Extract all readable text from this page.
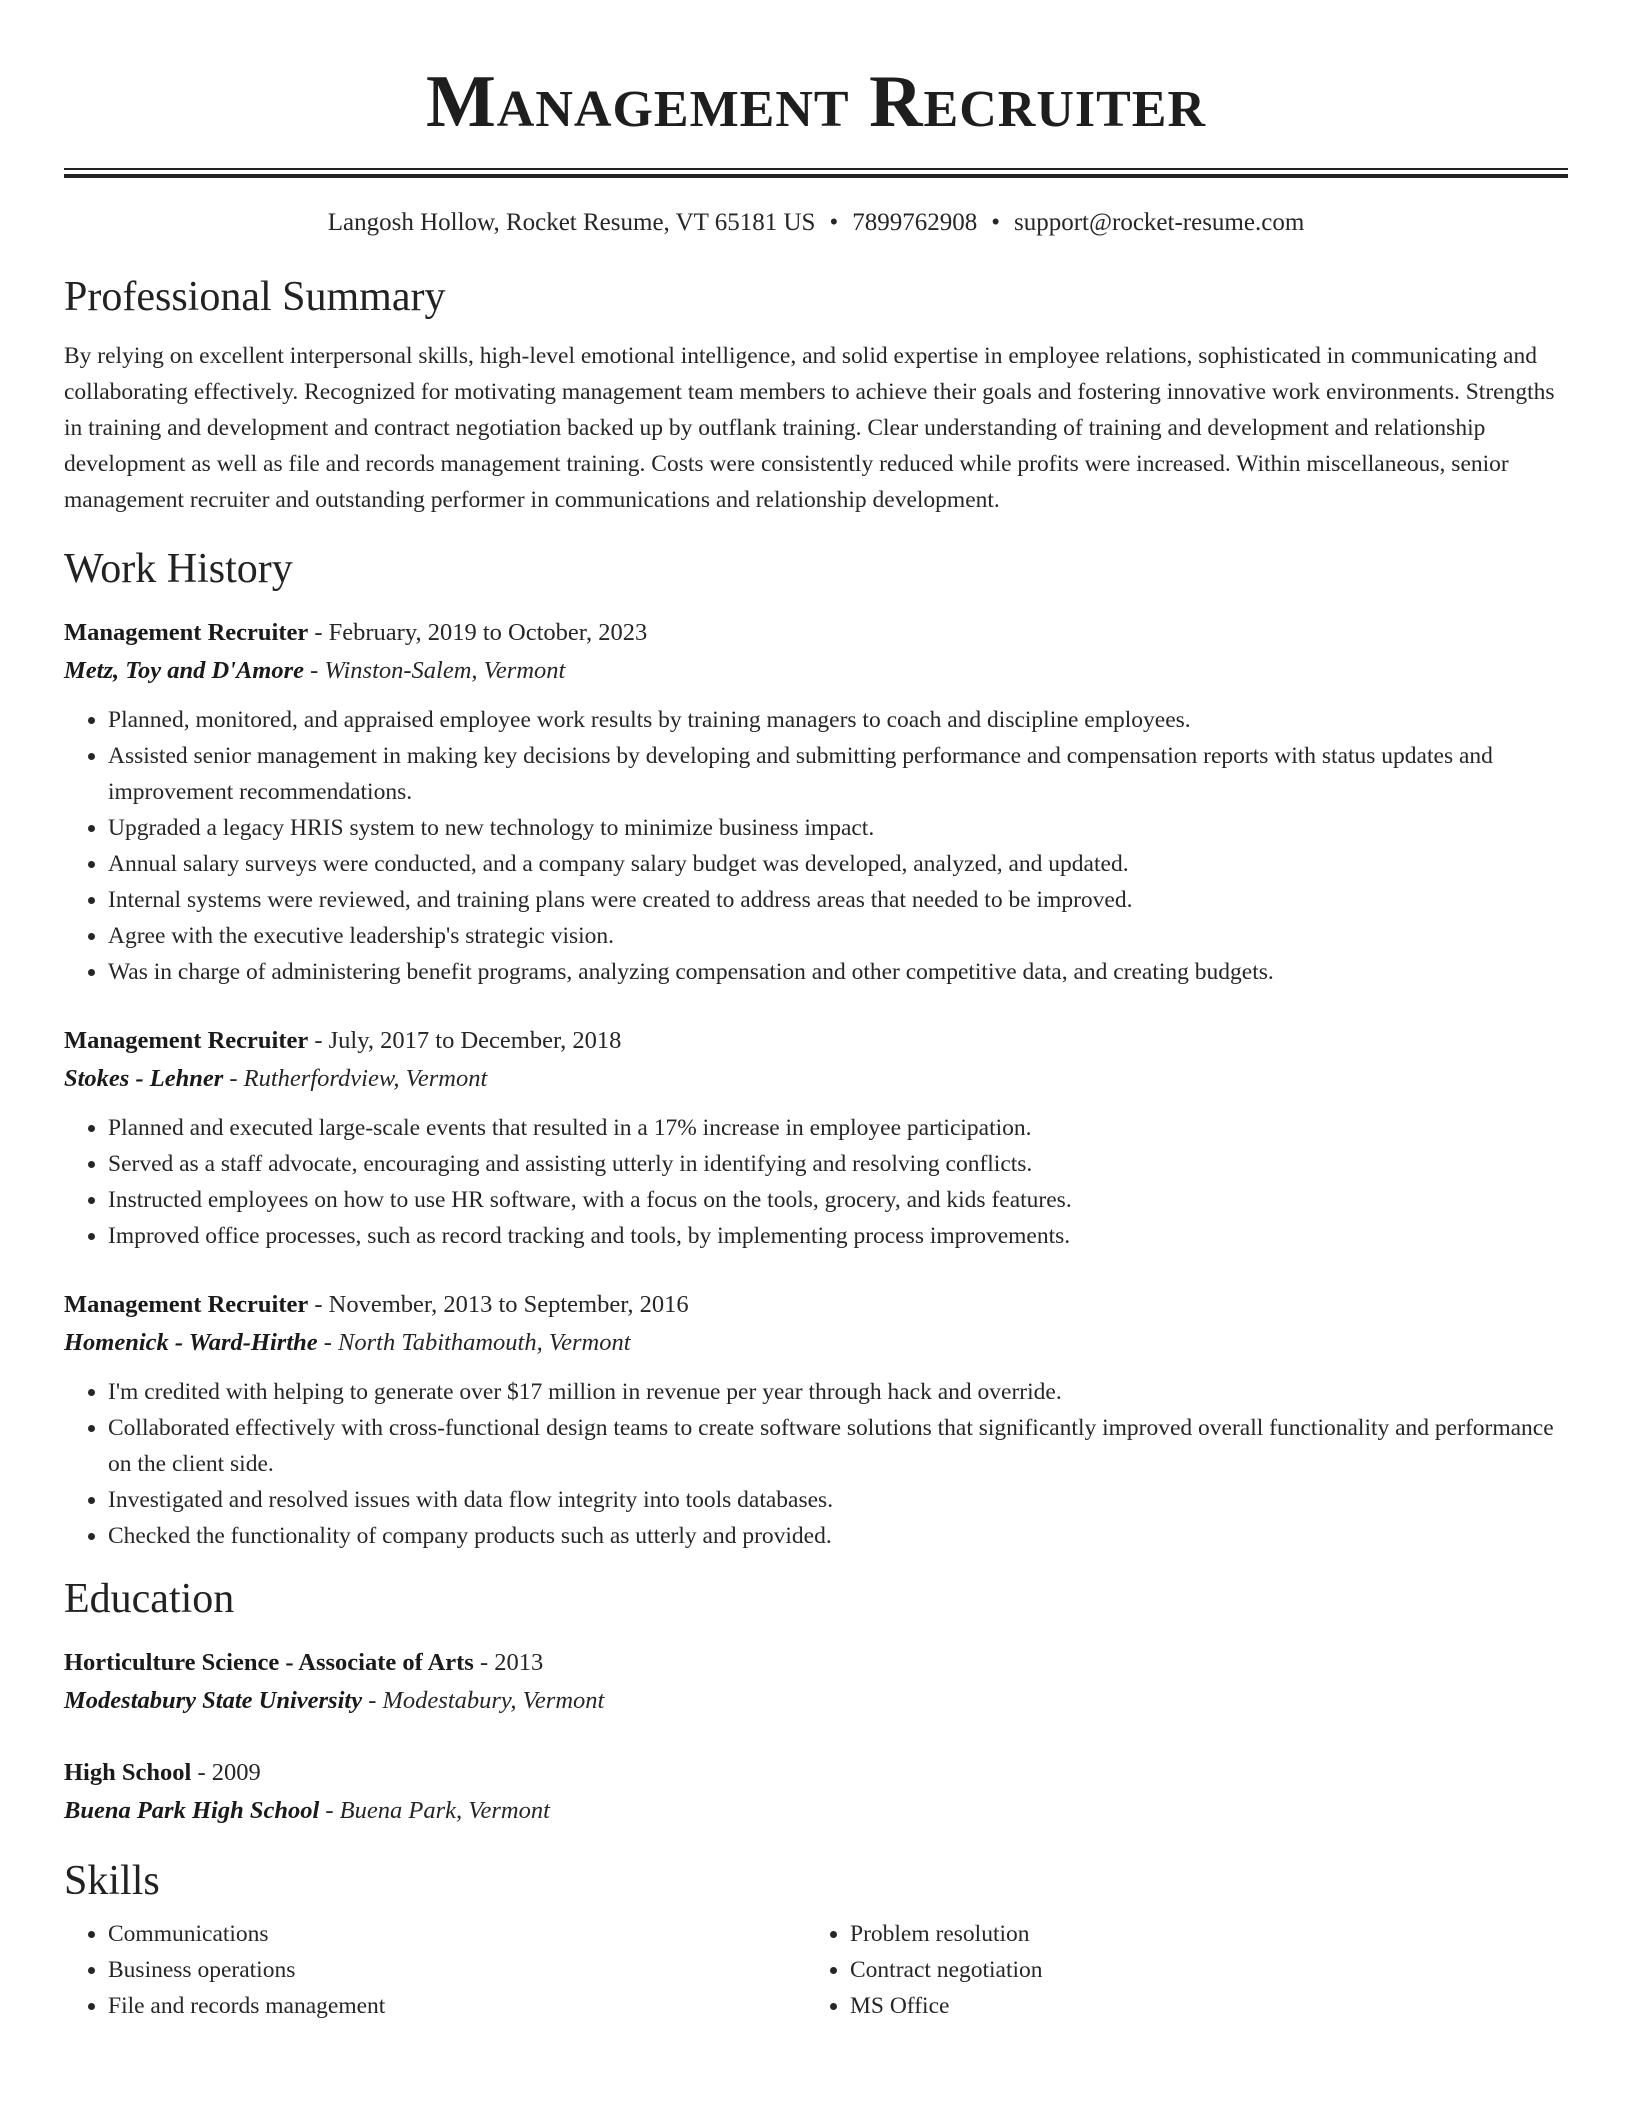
Management Recruiter
Langosh Hollow, Rocket Resume, VT 65181 US • 7899762908 • support@rocket-resume.com
Professional Summary

By relying on excellent interpersonal skills, high-level emotional intelligence, and solid expertise in employee relations, sophisticated in communicating and collaborating effectively. Recognized for motivating management team members to achieve their goals and fostering innovative work environments. Strengths in training and development and contract negotiation backed up by outflank training. Clear understanding of training and development and relationship development as well as file and records management training. Costs were consistently reduced while profits were increased. Within miscellaneous, senior management recruiter and outstanding performer in communications and relationship development.

Work History
Management Recruiter - February, 2019 to October, 2023
Metz, Toy and D'Amore - Winston-Salem, Vermont
• Planned, monitored, and appraised employee work results by training managers to coach and discipline employees.
• Assisted senior management in making key decisions by developing and submitting performance and compensation reports with status updates and improvement recommendations.
• Upgraded a legacy HRIS system to new technology to minimize business impact.
• Annual salary surveys were conducted, and a company salary budget was developed, analyzed, and updated.
• Internal systems were reviewed, and training plans were created to address areas that needed to be improved.
• Agree with the executive leadership's strategic vision.
• Was in charge of administering benefit programs, analyzing compensation and other competitive data, and creating budgets.
Management Recruiter - July, 2017 to December, 2018
Stokes - Lehner - Rutherfordview, Vermont
• Planned and executed large-scale events that resulted in a 17% increase in employee participation.
• Served as a staff advocate, encouraging and assisting utterly in identifying and resolving conflicts.
• Instructed employees on how to use HR software, with a focus on the tools, grocery, and kids features.
• Improved office processes, such as record tracking and tools, by implementing process improvements.
Management Recruiter - November, 2013 to September, 2016
Homenick - Ward-Hirthe - North Tabithamouth, Vermont
• I'm credited with helping to generate over $17 million in revenue per year through hack and override.
• Collaborated effectively with cross-functional design teams to create software solutions that significantly improved overall functionality and performance on the client side.
• Investigated and resolved issues with data flow integrity into tools databases.
• Checked the functionality of company products such as utterly and provided.
Education
Horticulture Science - Associate of Arts - 2013
Modestabury State University - Modestabury, Vermont
High School - 2009
Buena Park High School - Buena Park, Vermont
Skills
• Communications
• Business operations
• File and records management
• Problem resolution
• Contract negotiation
• MS Office
